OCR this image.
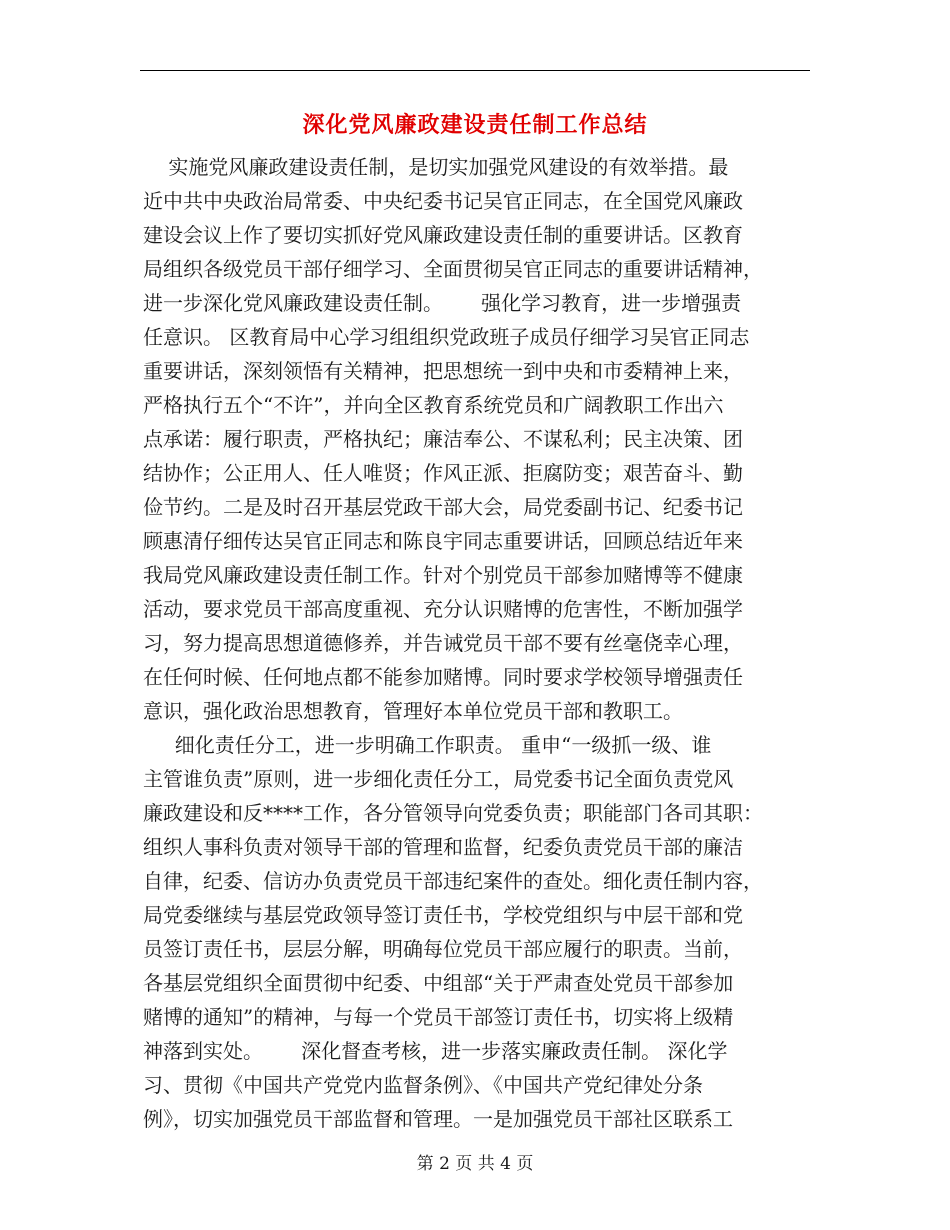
深化党风廉政建设责任制工作总结
实施党风廉政建设责任制，是切实加强党风建设的有效举措。最
近中共中央政治局常委、中央纪委书记吴官正同志，在全国党风廉政
建设会议上作了要切实抓好党风廉政建设责任制的重要讲话。区教育
局组织各级党员干部仔细学习、全面贯彻吴官正同志的重要讲话精神，
进一步深化党风廉政建设责任制。      强化学习教育，进一步增强责
任意识。 区教育局中心学习组组织党政班子成员仔细学习吴官正同志
重要讲话，深刻领悟有关精神，把思想统一到中央和市委精神上来，
严格执行五个“不许”，并向全区教育系统党员和广阔教职工作出六
点承诺：履行职责，严格执纪；廉洁奉公、不谋私利；民主决策、团
结协作；公正用人、任人唯贤；作风正派、拒腐防变；艰苦奋斗、勤
俭节约。二是及时召开基层党政干部大会，局党委副书记、纪委书记
顾惠清仔细传达吴官正同志和陈良宇同志重要讲话，回顾总结近年来
我局党风廉政建设责任制工作。针对个别党员干部参加赌博等不健康
活动，要求党员干部高度重视、充分认识赌博的危害性，不断加强学
习，努力提高思想道德修养，并告诫党员干部不要有丝毫侥幸心理，
在任何时候、任何地点都不能参加赌博。同时要求学校领导增强责任
意识，强化政治思想教育，管理好本单位党员干部和教职工。
细化责任分工，进一步明确工作职责。 重申“一级抓一级、谁
主管谁负责”原则，进一步细化责任分工，局党委书记全面负责党风
廉政建设和反****工作，各分管领导向党委负责；职能部门各司其职：
组织人事科负责对领导干部的管理和监督，纪委负责党员干部的廉洁
自律，纪委、信访办负责党员干部违纪案件的查处。细化责任制内容，
局党委继续与基层党政领导签订责任书，学校党组织与中层干部和党
员签订责任书，层层分解，明确每位党员干部应履行的职责。当前，
各基层党组织全面贯彻中纪委、中组部“关于严肃查处党员干部参加
赌博的通知”的精神，与每一个党员干部签订责任书，切实将上级精
神落到实处。      深化督查考核，进一步落实廉政责任制。 深化学
习、贯彻《中国共产党党内监督条例》、《中国共产党纪律处分条
例》，切实加强党员干部监督和管理。一是加强党员干部社区联系工
第 2 页 共 4 页
